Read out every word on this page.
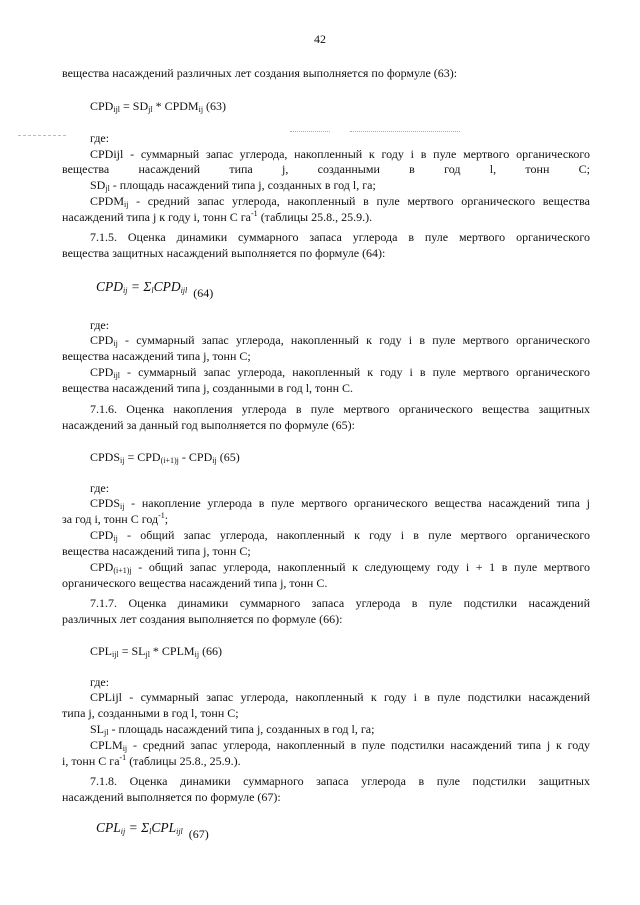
42
вещества насаждений различных лет создания выполняется по формуле (63):
$CPD_{ijl} = SD_{jl}$ * $CPDM_{ij}$ (63)
где:
CPDijl - суммарный запас углерода, накопленный к году i в пуле мертвого органического
вещества насаждений типа j, созданными в год l, тонн C;
$SD_{jl}$ - площадь насаждений типа j, созданных в год l, га;
$CPDM_{ij}$ - средний запас углерода, накопленный в пуле мертвого органического вещества
насаждений типа j к году i, тонн C $га^{-1}$ (таблицы 25.8., 25.9.).
7.1.5. Оценка динамики суммарного запаса углерода в пуле мертвого органического
вещества защитных насаждений выполняется по формуле (64):
$CPD_{ij} = \Sigma_lCPD_{ijl}$ (64)
где:
$CPD_{ij}$ - суммарный запас углерода, накопленный к году i в пуле мертвого органического
вещества насаждений типа j, тонн C;
$CPD_{ijl}$ - суммарный запас углерода, накопленный к году i в пуле мертвого органического
вещества насаждений типа j, созданными в год l, тонн C.
7.1.6. Оценка накопления углерода в пуле мертвого органического вещества защитных
насаждений за данный год выполняется по формуле (65):
$CPDS_{ij} = CPD_{(i+1)j} - CPD_{ij}$ (65)
где:
$CPDS_{ij}$ - накопление углерода в пуле мертвого органического вещества насаждений типа j
за год i, тонн C год$^{-1}$;
$CPD_{ij}$ - общий запас углерода, накопленный к году i в пуле мертвого органического
вещества насаждений типа j, тонн C;
$CPD_{(i+1)j}$ - общий запас углерода, накопленный к следующему году i + 1 в пуле мертвого
органического вещества насаждений типа j, тонн C.
7.1.7. Оценка динамики суммарного запаса углерода в пуле подстилки насаждений
различных лет создания выполняется по формуле (66):
$CPL_{ijl} = SL_{jl}$ * $CPLM_{ij}$ (66)
где:
CPLijl - суммарный запас углерода, накопленный к году i в пуле подстилки насаждений
типа j, созданными в год l, тонн C;
$SL_{jl}$ - площадь насаждений типа j, созданных в год l, га;
$CPLM_{ij}$ - средний запас углерода, накопленный в пуле подстилки насаждений типа j к году
i, тонн C $га^{-1}$ (таблицы 25.8., 25.9.).
7.1.8. Оценка динамики суммарного запаса углерода в пуле подстилки защитных
насаждений выполняется по формуле (67):
$CPL_{ij} = \Sigma_lCPL_{ijl}$ (67)
